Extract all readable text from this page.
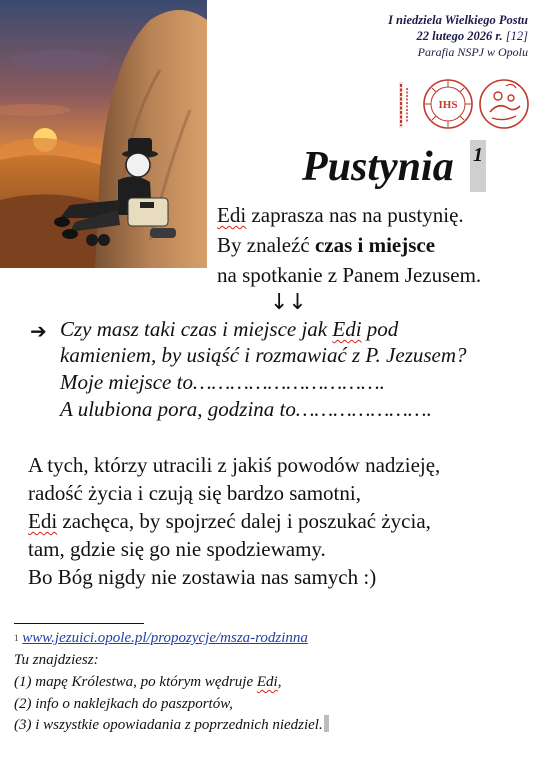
I niedziela Wielkiego Postu
22 lutego 2026 r. [12]
Parafia NSPJ w Opolu
IHS
Pustynia 1
Edi zaprasza nas na pustynię.
By znaleźć czas i miejsce
na spotkanie z Panem Jezusem.
↓↓
➔ Czy masz taki czas i miejsce jak Edi pod
kamieniem, by usiąść i rozmawiać z P. Jezusem?
Moje miejsce to………………………….
A ulubiona pora, godzina to………………….
A tych, którzy utracili z jakiś powodów nadzieję,
radość życia i czują się bardzo samotni,
Edi zachęca, by spojrzeć dalej i poszukać życia,
tam, gdzie się go nie spodziewamy.
Bo Bóg nigdy nie zostawia nas samych :)
$^1$ www.jezuici.opole.pl/propozycje/msza-rodzinna
Tu znajdziesz:
(1) mapę Królestwa, po którym wędruje Edi,
(2) info o naklejkach do paszportów,
(3) i wszystkie opowiadania z poprzednich niedziel.
